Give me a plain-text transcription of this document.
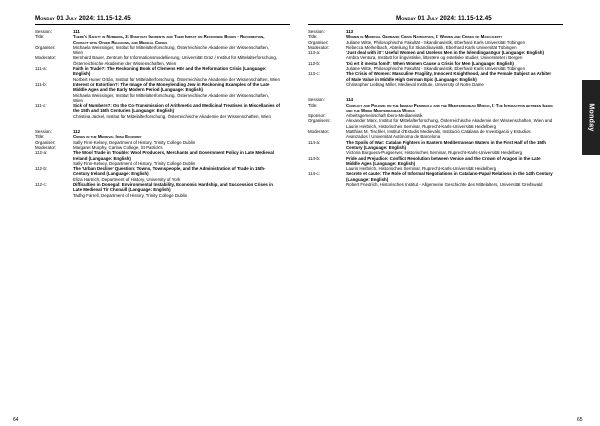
Monday 01 July 2024: 11.15-12.45
Session:	111
Title:	There's Safety in Numbers, 3: Everyday Incidents and Their Impact on Reckoning Books - Reformation, Contact with Other Religions, and Medical Crises
Organiser:	Michaela Weissinger, Institut für Mittelalterforschung, Österreichische Akademie der Wissenschaften, Wien
Moderator:	Bernhard Bauer, Zentrum für Informationsmodellierung, Universität Graz / Institut für Mittelalterforschung, Österreichische Akademie der Wissenschaften, Wien
111-a:	Faith in Trade?: The Reckoning Book of Clemens Hör and the Reformation Crisis (Language: English)
Norbert Huner Ortán, Institut für Mittelalterforschung, Österreichische Akademie der Wissenschaften, Wien
111-b:	Interest or Extortion?: The Image of the Moneylending Jew in Reckoning Examples of the Late Middle Ages and the Early Modern Period (Language: English)
Michaela Weissinger, Institut für Mittelalterforschung, Österreichische Akademie der Wissenschaften, Wien
111-c:	Sick of Numbers?: On the Co-Transmission of Arithmetic and Medicinal Treatises in Miscellanies of the 15th and 16th Centuries (Language: English)
Christina Jackel, Institut für Mittelalterforschung, Österreichische Akademie der Wissenschaften, Wien
Session:	112
Title:	Crises in the Medieval Irish Economy
Organiser:	Sally Finn-Kelsey, Department of History, Trinity College Dublin
Moderator:	Margaret Murphy, Carlow College, St Patrick's
112-a:	The Wool Trade in Trouble: Wool Producers, Merchants and Government Policy in Late Medieval Ireland (Language: English)
Sally Finn-Kelsey, Department of History, Trinity College Dublin
112-b:	The 'Urban Decline' Question: Towns, Townspeople, and the Administration of Trade in 15th-Century Ireland (Language: English)
Eliza Hartrich, Department of History, University of York
112-c:	Difficulties in Donegal: Environmental Instability, Economic Hardship, and Succession Crises in Late Medieval Tír Chonaill (Language: English)
Tadhg Farrell, Department of History, Trinity College Dublin
64
Monday 01 July 2024: 11.15-12.45
Session:	113
Title:	Women in Medieval Germanic Crisis Narratives, I: Women and Crises of Masculinity
Organiser:	Juliane Witte, Philosophische Fakultät - Skandinavistik, Eberhard Karls Universität Tübingen
Moderator:	Rebecca Merkelbach, Abteilung für Skandinavistik, Eberhard Karls Universität Tübingen
113-a:	'Just deal with it!': Useful Women and Useless Men in the Íslendingasögur (Language: English)
Ambra Ventura, Institutt for lingvistiske, litterære og estetiske studier, Universitetet i Bergen
113-b:	'Þú ert it mesta fomð': When Women Cause a Crisis for Men (Language: English)
Juliane Witte, Philosophische Fakultät - Skandinavistik, Eberhard Karls Universität Tübingen
113-c:	The Crisis of Women: Masculine Fragility, Innocent Knighthood, and the Female Subject as Arbiter of Male Value in Middle High German Epic (Language: English)
Christopher Liebtag Miller, Medieval Institute, University of Notre Dame
Session:	114
Title:	Conflict and Polemic on the Iberian Peninsula and the Mediterranean World, I: The Interaction between Iberia and the Wider Mediterranean World
Sponsor:	Arbeitsgemeinschaft Ibero-Mediaevistik
Organisers:	Alexander Marx, Institut für Mittelalterforschung, Österreichische Akademie der Wissenschaften, Wien and Laurin Herbrich, Historisches Seminar, Ruprecht-Karls-Universität Heidelberg
Moderator:	Matthias M. Tischler, Institut d'Estudis Medievals, Institució Catalana de Investigació y Estudios Avanzados / Universitat Autònoma de Barcelona
114-a:	The Spoils of War: Catalan Fighters in Eastern Mediterranean Waters in the First Half of the 15th Century (Language: English)
Victoria Burguera-Puigserver, Historisches Seminar, Ruprecht-Karls-Universität Heidelberg
114-b:	Pride and Prejudice: Conflict Resolution between Venice and the Crown of Aragon in the Late Middle Ages (Language: English)
Laurin Herbrich, Historisches Seminar, Ruprecht-Karls-Universität Heidelberg
114-c:	Secrete et caute: The Role of Informal Negotiations in Catalano-Papal Relations in the 14th Century (Language: English)
Robert Friedrich, Historisches Institut - Allgemeine Geschichte des Mittelalters, Universität Greifswald
65
Monday
